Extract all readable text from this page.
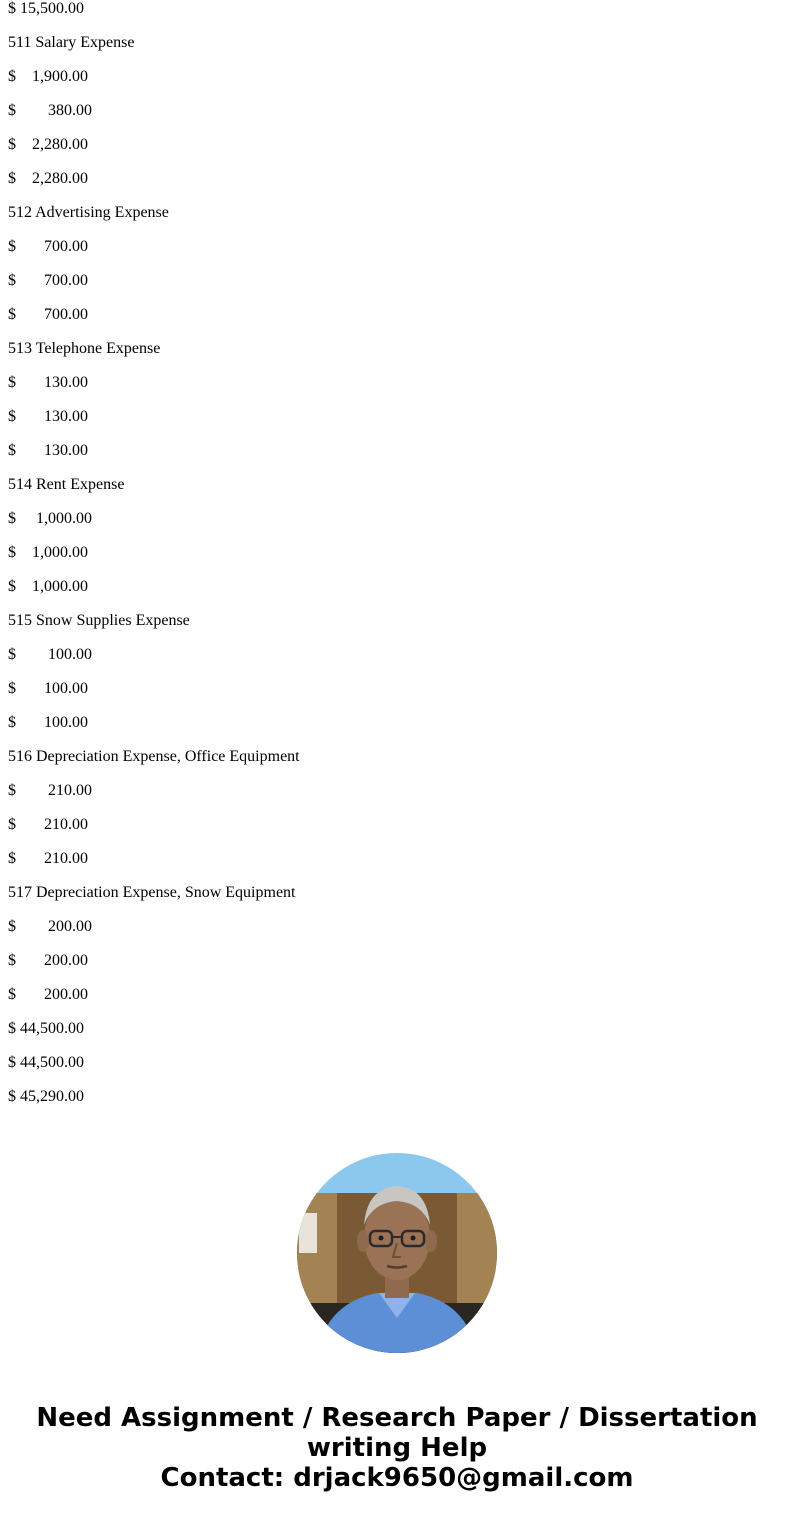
$ 15,500.00

511 Salary Expense

$    1,900.00

$        380.00

$    2,280.00

$    2,280.00

512 Advertising Expense

$       700.00

$       700.00

$       700.00

513 Telephone Expense

$       130.00

$       130.00

$       130.00

514 Rent Expense

$     1,000.00

$    1,000.00

$    1,000.00

515 Snow Supplies Expense

$        100.00

$       100.00

$       100.00

516 Depreciation Expense, Office Equipment

$        210.00

$       210.00

$       210.00

517 Depreciation Expense, Snow Equipment

$        200.00

$       200.00

$       200.00

$ 44,500.00

$ 44,500.00

$ 45,290.00

Need Assignment / Research Paper / Dissertation
writing Help
Contact: drjack9650@gmail.com
